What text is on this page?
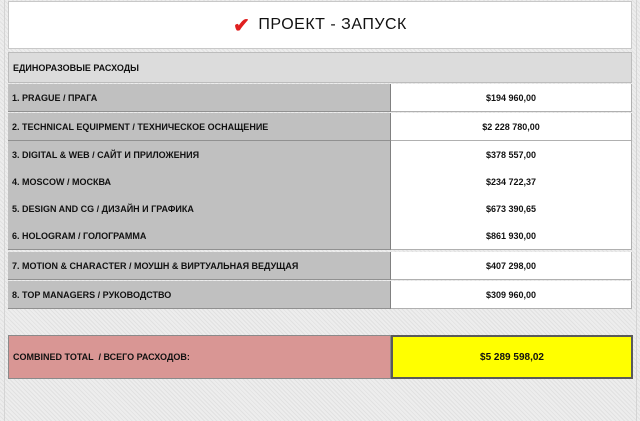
✔ ПРОЕКТ - ЗАПУСК
ЕДИНОРАЗОВЫЕ РАСХОДЫ
1. PRAGUE / ПРАГА	$194 960,00
2. TECHNICAL EQUIPMENT / ТЕХНИЧЕСКОЕ ОСНАЩЕНИЕ	$2 228 780,00
3. DIGITAL & WEB / САЙТ И ПРИЛОЖЕНИЯ	$378 557,00
4. MOSCOW / МОСКВА	$234 722,37
5. DESIGN AND CG / ДИЗАЙН И ГРАФИКА	$673 390,65
6. HOLOGRAM / ГОЛОГРАММА	$861 930,00
7. MOTION & CHARACTER / МОУШН & ВИРТУАЛЬНАЯ ВЕДУЩАЯ	$407 298,00
8. TOP MANAGERS / РУКОВОДСТВО	$309 960,00
COMBINED TOTAL  / ВСЕГО РАСХОДОВ:	$5 289 598,02
